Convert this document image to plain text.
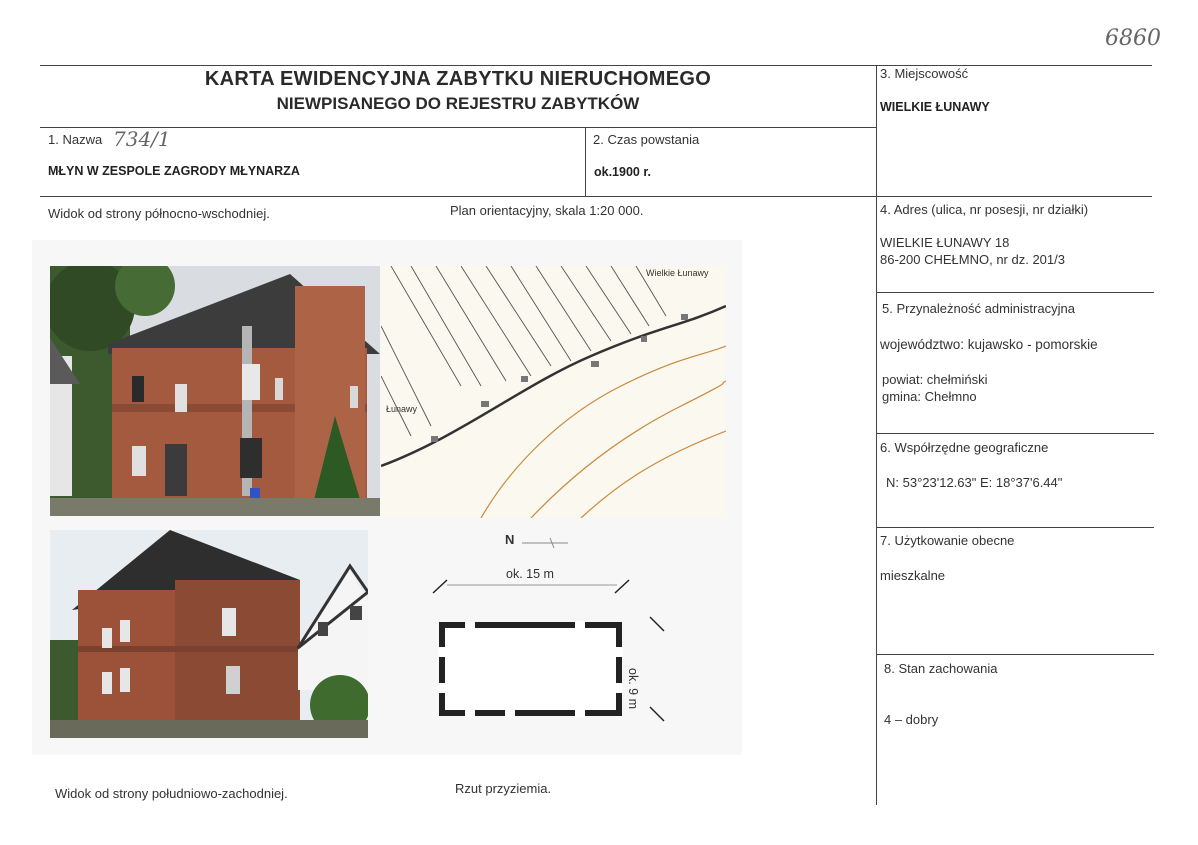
6860
KARTA EWIDENCYJNA ZABYTKU NIERUCHOMEGO
NIEWPISANEGO DO REJESTRU ZABYTKÓW
1. Nazwa 734/1
MŁYN W ZESPOLE ZAGRODY MŁYNARZA
2. Czas powstania
ok.1900 r.
3. Miejscowość
WIELKIE ŁUNAWY
4. Adres (ulica, nr posesji, nr działki)
WIELKIE ŁUNAWY 18
86-200 CHEŁMNO, nr dz. 201/3
5. Przynależność administracyjna
województwo: kujawsko - pomorskie
powiat: chełmiński
gmina: Chełmno
6. Współrzędne geograficzne
N: 53°23'12.63" E: 18°37'6.44"
7. Użytkowanie obecne
mieszkalne
8. Stan zachowania
4 – dobry
Widok od strony północno-wschodniej.	Plan orientacyjny, skala 1:20 000.
Widok od strony południowo-zachodniej.	Rzut przyziemia.
Wielkie Łunawy
Łunawy
N
ok. 15 m
ok. 9 m
